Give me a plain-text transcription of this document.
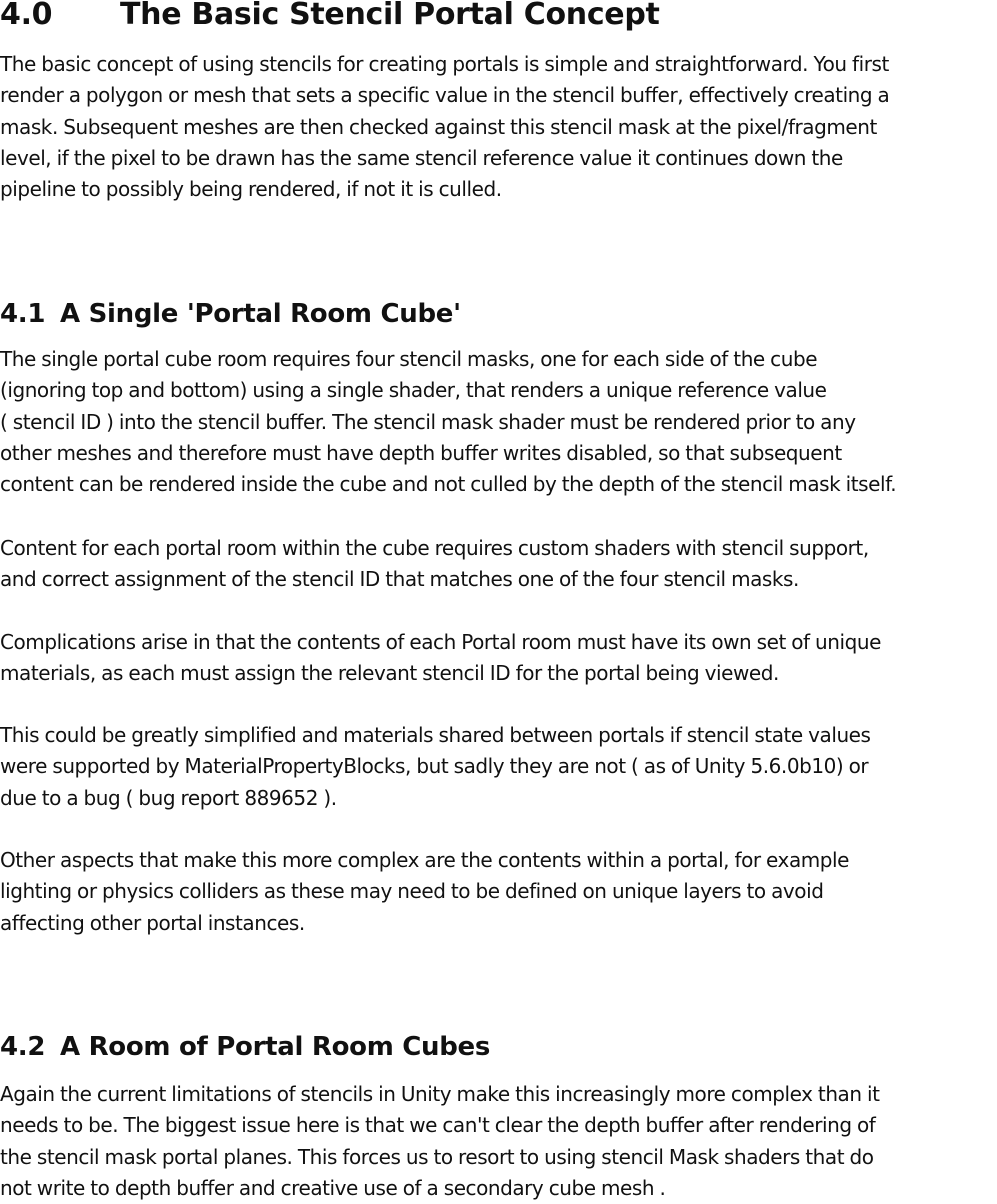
4.0 The Basic Stencil Portal Concept

The basic concept of using stencils for creating portals is simple and straightforward. You first
render a polygon or mesh that sets a specific value in the stencil buffer, effectively creating a
mask. Subsequent meshes are then checked against this stencil mask at the pixel/fragment
level, if the pixel to be drawn has the same stencil reference value it continues down the
pipeline to possibly being rendered, if not it is culled.

4.1 A Single 'Portal Room Cube'

The single portal cube room requires four stencil masks, one for each side of the cube
(ignoring top and bottom) using a single shader, that renders a unique reference value
( stencil ID ) into the stencil buffer. The stencil mask shader must be rendered prior to any
other meshes and therefore must have depth buffer writes disabled, so that subsequent
content can be rendered inside the cube and not culled by the depth of the stencil mask itself.

Content for each portal room within the cube requires custom shaders with stencil support,
and correct assignment of the stencil ID that matches one of the four stencil masks.

Complications arise in that the contents of each Portal room must have its own set of unique
materials, as each must assign the relevant stencil ID for the portal being viewed.

This could be greatly simplified and materials shared between portals if stencil state values
were supported by MaterialPropertyBlocks, but sadly they are not ( as of Unity 5.6.0b10) or
due to a bug ( bug report 889652 ).

Other aspects that make this more complex are the contents within a portal, for example
lighting or physics colliders as these may need to be defined on unique layers to avoid
affecting other portal instances.

4.2 A Room of Portal Room Cubes

Again the current limitations of stencils in Unity make this increasingly more complex than it
needs to be. The biggest issue here is that we can't clear the depth buffer after rendering of
the stencil mask portal planes. This forces us to resort to using stencil Mask shaders that do
not write to depth buffer and creative use of a secondary cube mesh .
